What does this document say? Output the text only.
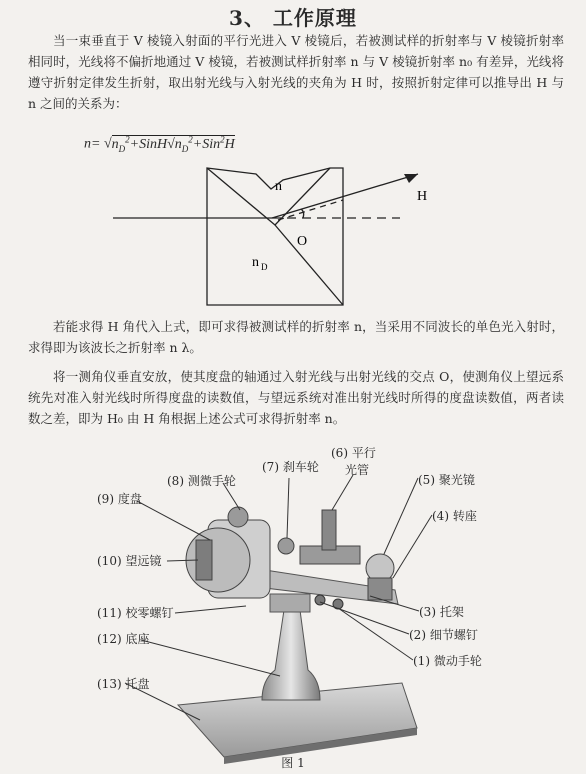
3、 工作原理
当一束垂直于 V 棱镜入射面的平行光进入 V 棱镜后，若被测试样的折射率与 V 棱镜折射率相同时，光线将不偏折地通过 V 棱镜，若被测试样折射率 n 与 V 棱镜折射率 n₀ 有差异，光线将遵守折射定律发生折射，取出射光线与入射光线的夹角为 H 时，按照折射定律可以推导出 H 与 n 之间的关系为：
$n= √n_D^2+SinH√n_D^2+Sin^2H$
n
H
O
n D
若能求得 H 角代入上式，即可求得被测试样的折射率 n，当采用不同波长的单色光入射时，求得即为该波长之折射率 n λ。
将一测角仪垂直安放，使其度盘的轴通过入射光线与出射光线的交点 O，使测角仪上望远系统先对准入射光线时所得度盘的读数值，与望远系统对准出射光线时所得的度盘读数值，两者读数之差，即为 H₀ 由 H 角根据上述公式可求得折射率 n。
(9) 度盘
(10) 望远镜
(11) 校零螺钉
(12) 底座
(13) 托盘
(8) 测微手轮
(7) 刹车轮
(6) 平行
光管
(5) 聚光镜
(4) 转座
(3) 托架
(2) 细节螺钉
(1) 微动手轮
图 1
